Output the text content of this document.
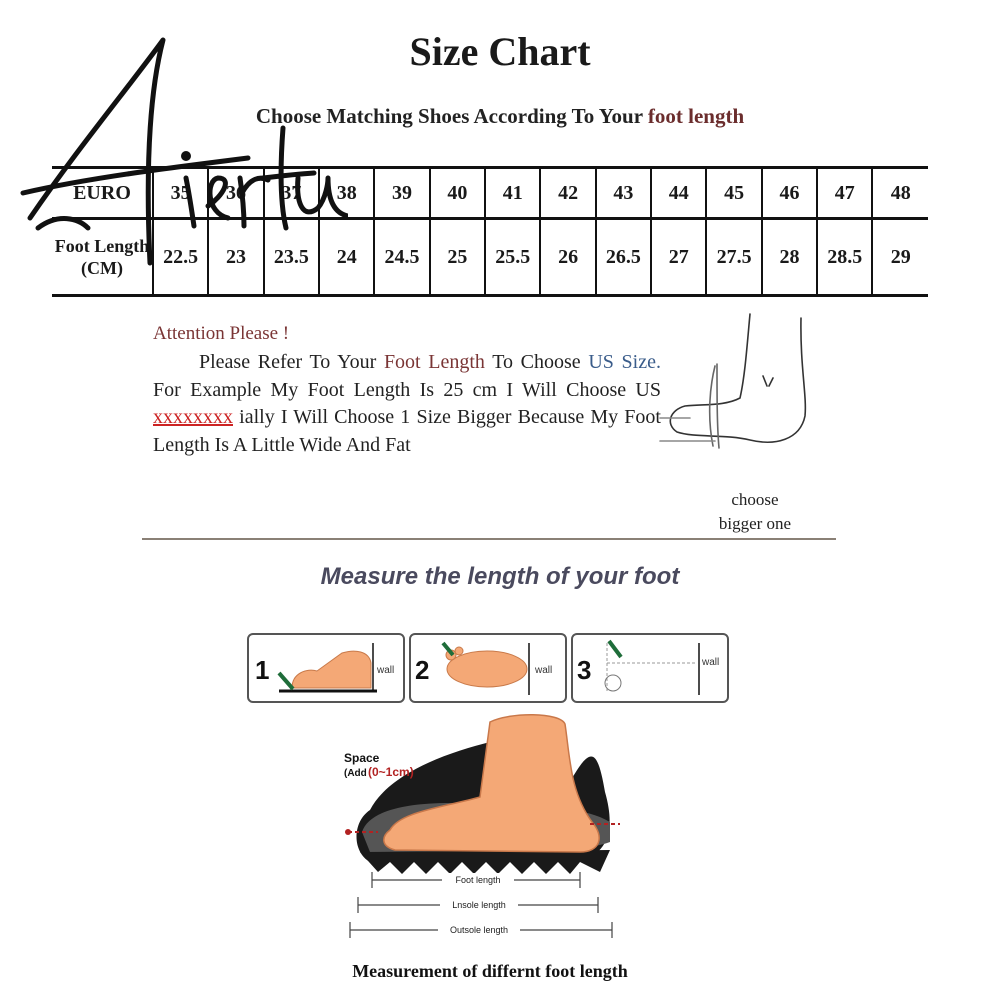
Size Chart
Choose Matching Shoes According To Your foot length
EURO	35	36	37	38	39	40	41	42	43	44	45	46	47	48
Foot Length (CM)	22.5	23	23.5	24	24.5	25	25.5	26	26.5	27	27.5	28	28.5	29
Attention Please !
Please Refer To Your Foot Length To Choose US Size. For Example My Foot Length Is 25 cm I Will Choose US xxxxxxxx ially I Will Choose 1 Size Bigger Because My Foot Length Is A Little Wide And Fat
choose
bigger one
Measure the length of your foot
1	wall 2	wall 3	wall
Space
(Add (0~1cm)
Foot length
Lnsole length
Outsole length
Measurement of differnt foot length
